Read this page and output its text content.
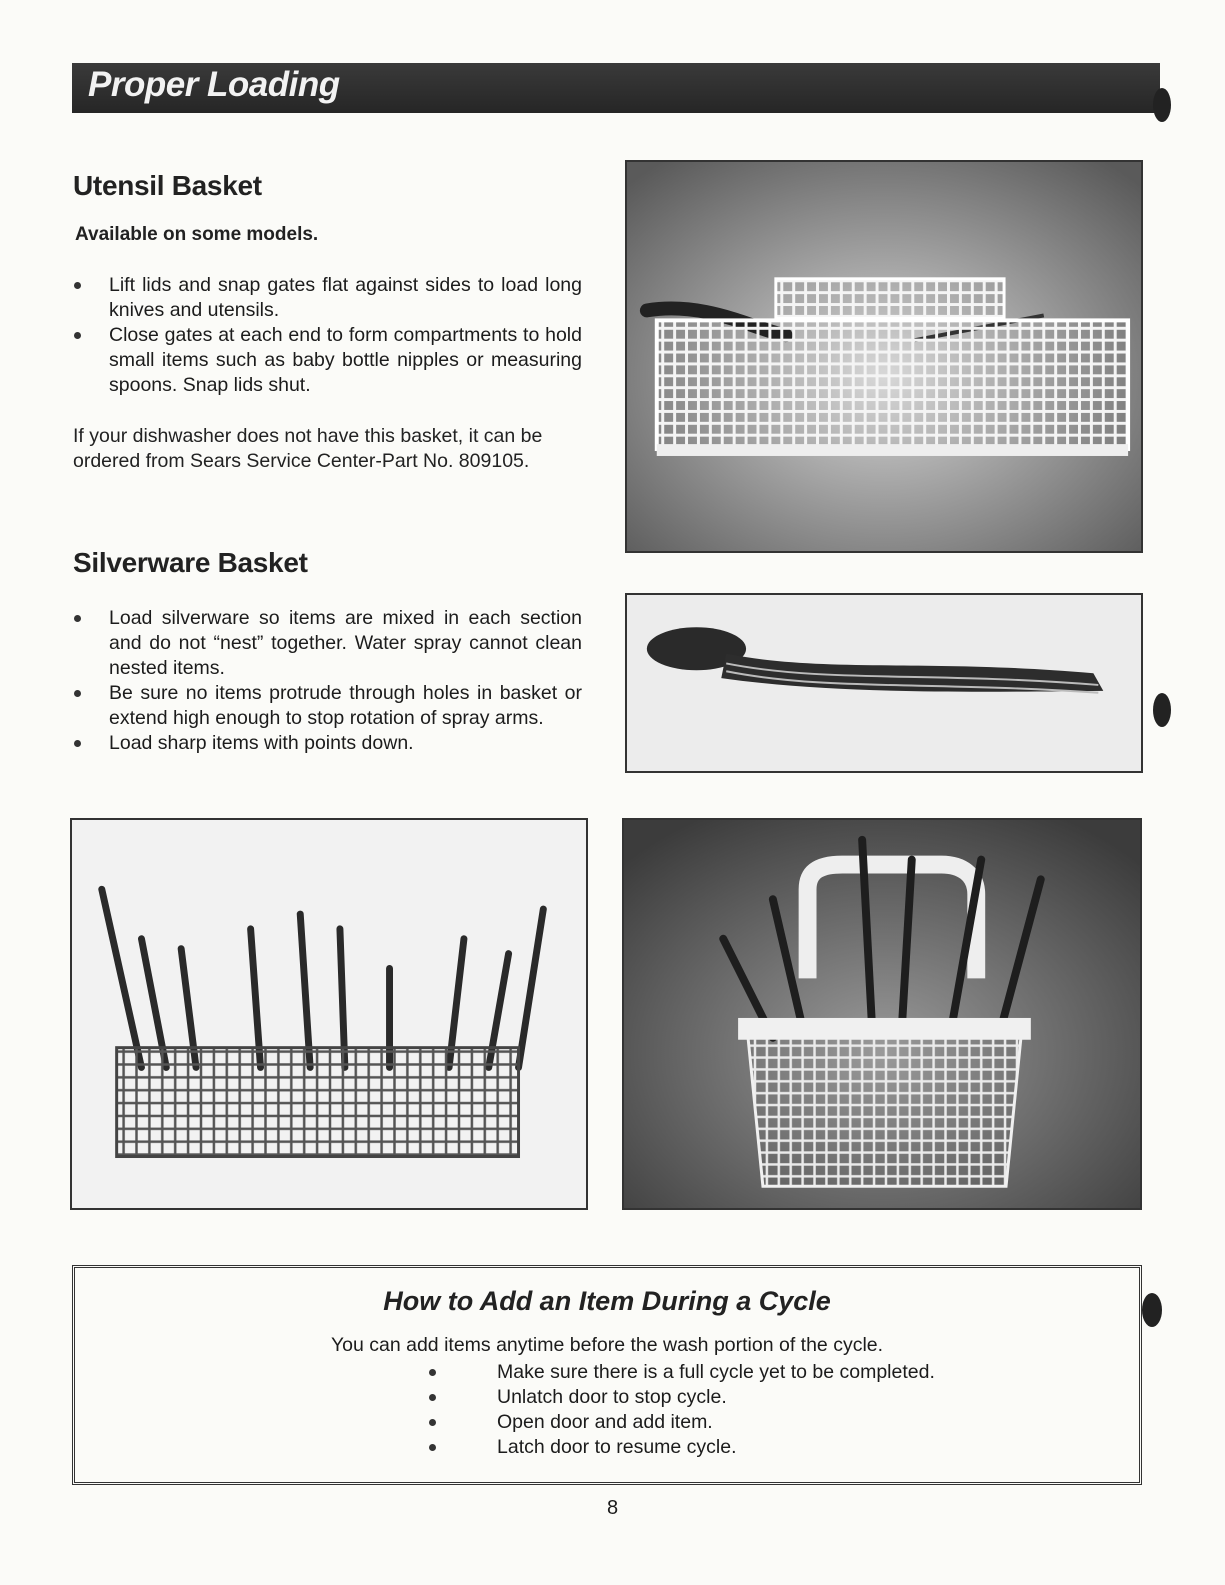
Proper Loading
Utensil Basket
Available on some models.
Lift lids and snap gates flat against sides to load long knives and utensils.
Close gates at each end to form compartments to hold small items such as baby bottle nipples or measuring spoons. Snap lids shut.
If your dishwasher does not have this basket, it can be ordered from Sears Service Center-Part No. 809105.
Silverware Basket
Load silverware so items are mixed in each section and do not “nest” together. Water spray cannot clean nested items.
Be sure no items protrude through holes in basket or extend high enough to stop rotation of spray arms.
Load sharp items with points down.
How to Add an Item During a Cycle
You can add items anytime before the wash portion of the cycle.
Make sure there is a full cycle yet to be completed.
Unlatch door to stop cycle.
Open door and add item.
Latch door to resume cycle.
8
